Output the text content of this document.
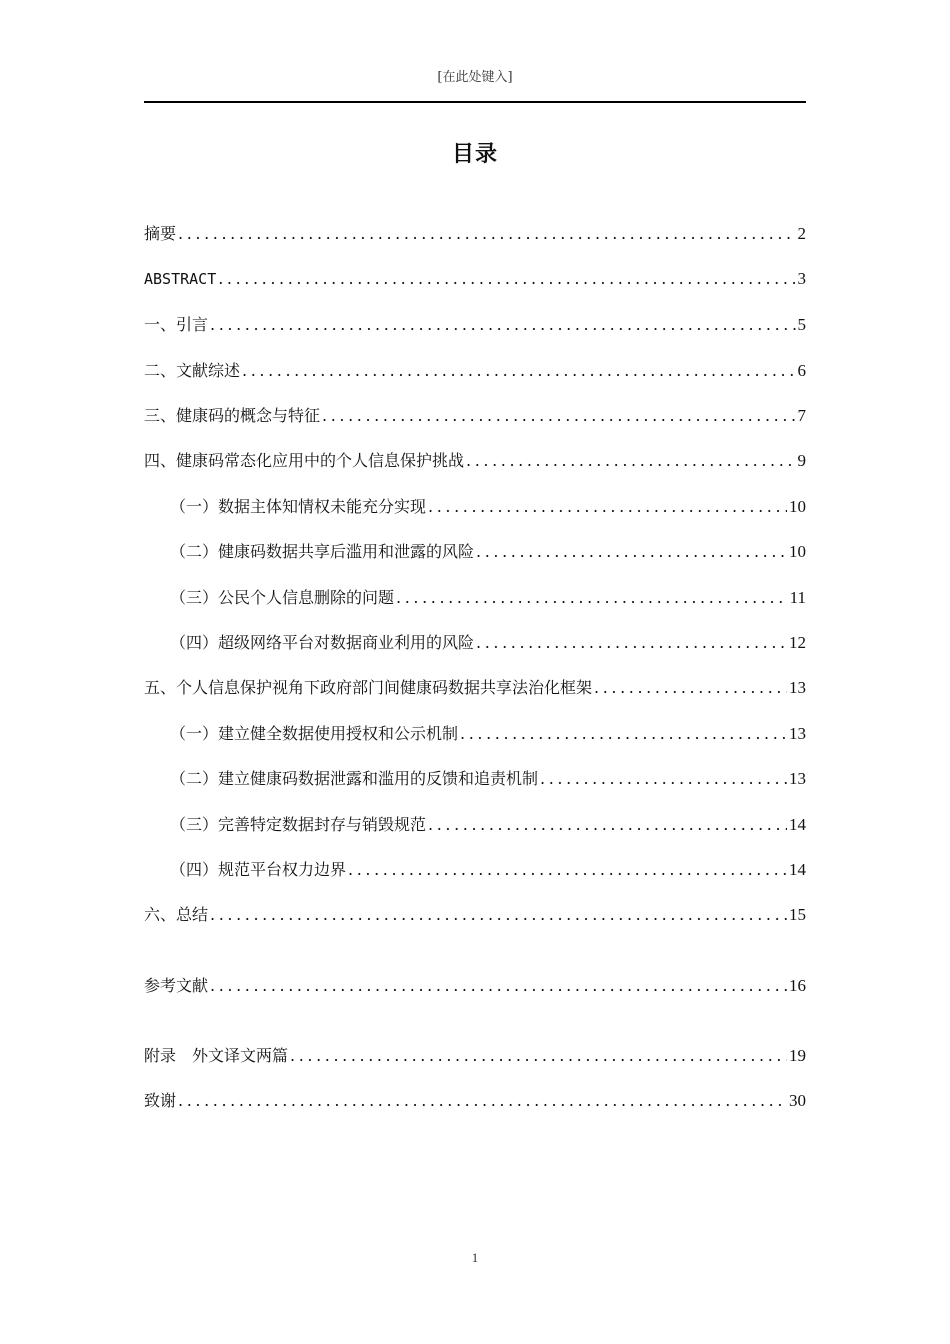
[在此处键入]
目录
摘要 .....	2
ABSTRACT .....	3
一、引言 .....	5
二、文献综述 .....	6
三、健康码的概念与特征 .....	7
四、健康码常态化应用中的个人信息保护挑战 .....	9
（一）数据主体知情权未能充分实现 .....	10
（二）健康码数据共享后滥用和泄露的风险 .....	10
（三）公民个人信息删除的问题 .....	11
（四）超级网络平台对数据商业利用的风险 .....	12
五、个人信息保护视角下政府部门间健康码数据共享法治化框架 .....	13
（一）建立健全数据使用授权和公示机制 .....	13
（二）建立健康码数据泄露和滥用的反馈和追责机制 .....	13
（三）完善特定数据封存与销毁规范 .....	14
（四）规范平台权力边界 .....	14
六、总结 .....	15
参考文献 .....	16
附录　外文译文两篇 .....	19
致谢 .....	30
1
